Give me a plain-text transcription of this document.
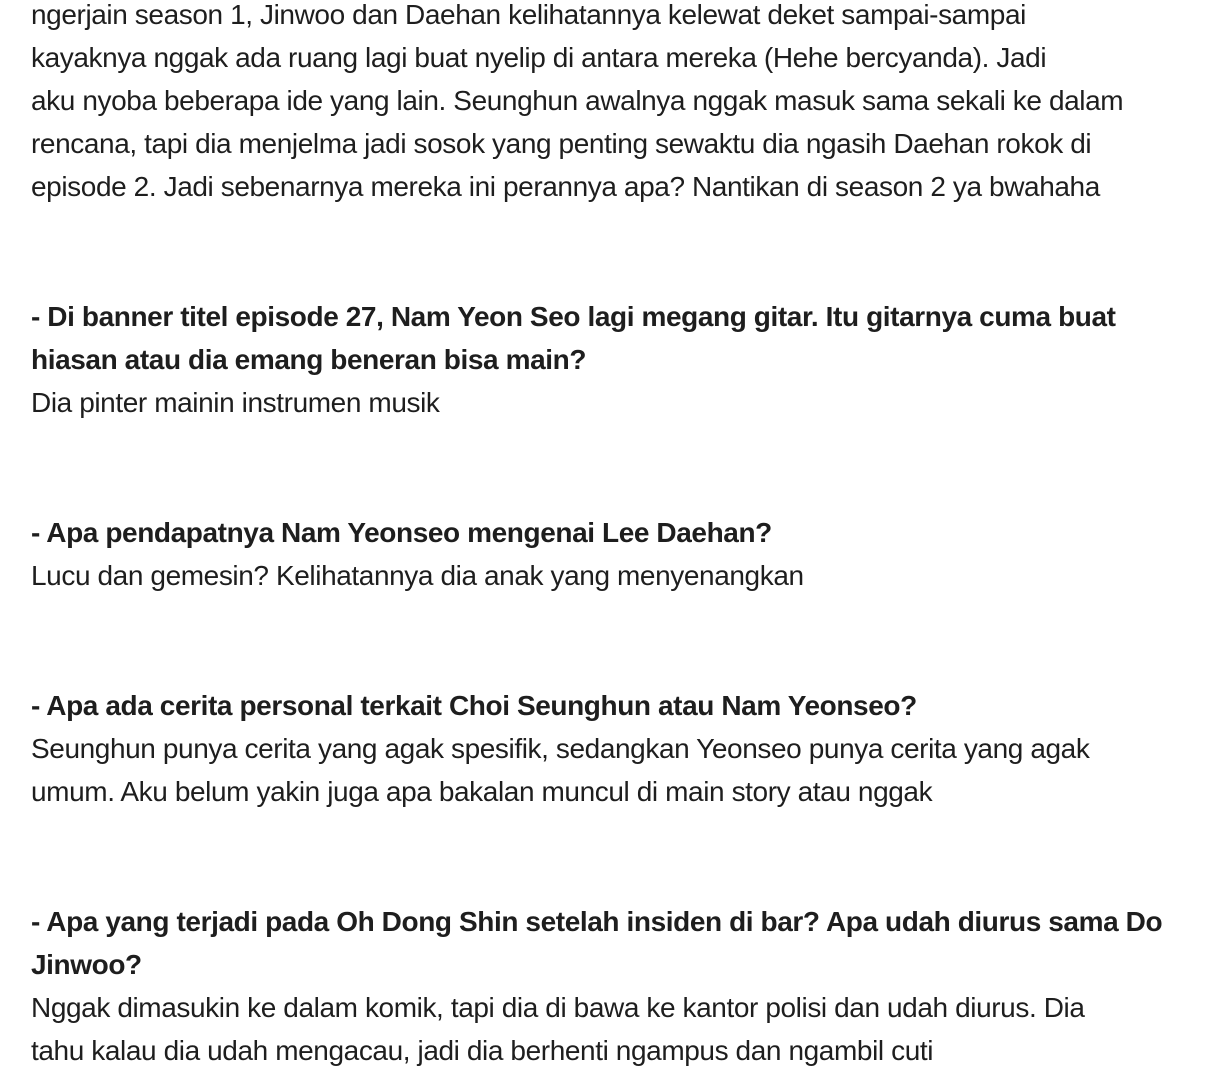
ngerjain season 1, Jinwoo dan Daehan kelihatannya kelewat deket sampai-sampai
kayaknya nggak ada ruang lagi buat nyelip di antara mereka (Hehe bercyanda). Jadi
aku nyoba beberapa ide yang lain. Seunghun awalnya nggak masuk sama sekali ke dalam
rencana, tapi dia menjelma jadi sosok yang penting sewaktu dia ngasih Daehan rokok di
episode 2. Jadi sebenarnya mereka ini perannya apa? Nantikan di season 2 ya bwahaha
- Di banner titel episode 27, Nam Yeon Seo lagi megang gitar. Itu gitarnya cuma buat
hiasan atau dia emang beneran bisa main?
Dia pinter mainin instrumen musik
- Apa pendapatnya Nam Yeonseo mengenai Lee Daehan?
Lucu dan gemesin? Kelihatannya dia anak yang menyenangkan
- Apa ada cerita personal terkait Choi Seunghun atau Nam Yeonseo?
Seunghun punya cerita yang agak spesifik, sedangkan Yeonseo punya cerita yang agak
umum. Aku belum yakin juga apa bakalan muncul di main story atau nggak
- Apa yang terjadi pada Oh Dong Shin setelah insiden di bar? Apa udah diurus sama Do
Jinwoo?
Nggak dimasukin ke dalam komik, tapi dia di bawa ke kantor polisi dan udah diurus. Dia
tahu kalau dia udah mengacau, jadi dia berhenti ngampus dan ngambil cuti
